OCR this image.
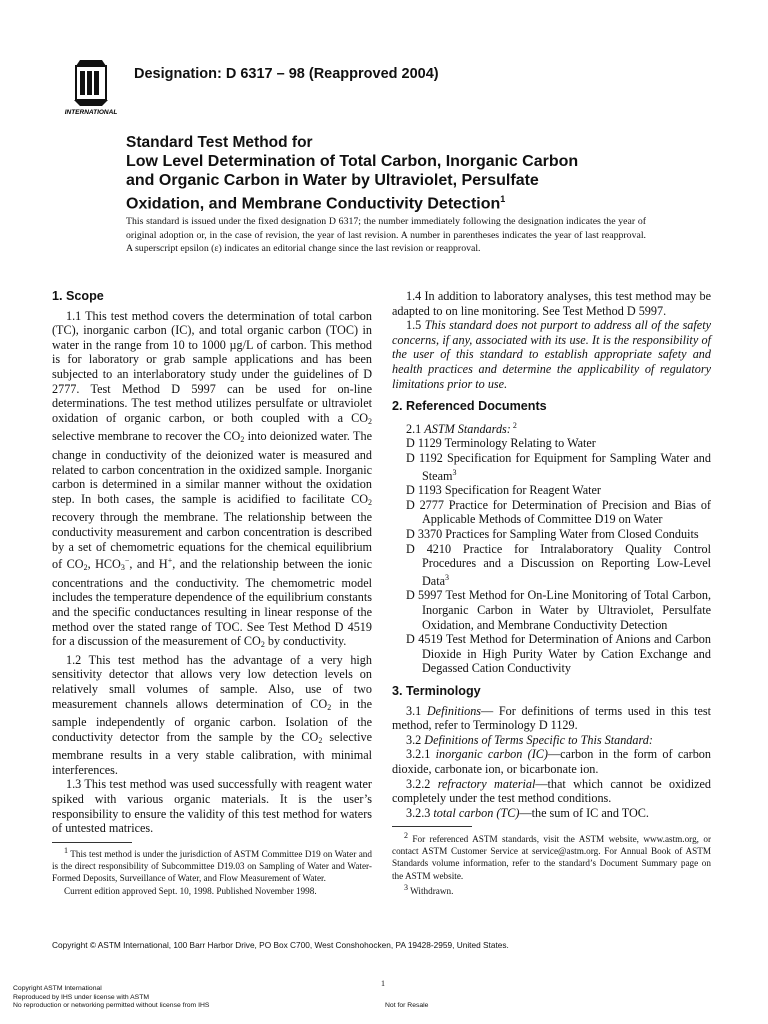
INTERNATIONAL
Designation: D 6317 – 98 (Reapproved 2004)
Standard Test Method for
Low Level Determination of Total Carbon, Inorganic Carbon
and Organic Carbon in Water by Ultraviolet, Persulfate
Oxidation, and Membrane Conductivity Detection$^1$
This standard is issued under the fixed designation D 6317; the number immediately following the designation indicates the year of original adoption or, in the case of revision, the year of last revision. A number in parentheses indicates the year of last reapproval. A superscript epsilon (ε) indicates an editorial change since the last revision or reapproval.
1. Scope

1.1 This test method covers the determination of total carbon (TC), inorganic carbon (IC), and total organic carbon (TOC) in water in the range from 10 to 1000 µg/L of carbon. This method is for laboratory or grab sample applications and has been subjected to an interlaboratory study under the guidelines of D 2777. Test Method D 5997 can be used for on-line determinations. The test method utilizes persulfate or ultraviolet oxidation of organic carbon, or both coupled with a $CO_2$ selective membrane to recover the $CO_2$ into deionized water. The change in conductivity of the deionized water is measured and related to carbon concentration in the oxidized sample. Inorganic carbon is determined in a similar manner without the oxidation step. In both cases, the sample is acidified to facilitate $CO_2$ recovery through the membrane. The relationship between the conductivity measurement and carbon concentration is described by a set of chemometric equations for the chemical equilibrium of $CO_2$, $HCO_3^-$, and H+, and the relationship between the ionic concentrations and the conductivity. The chemometric model includes the temperature dependence of the equilibrium constants and the specific conductances resulting in linear response of the method over the stated range of TOC. See Test Method D 4519 for a discussion of the measurement of $CO_2$ by conductivity.

1.2 This test method has the advantage of a very high sensitivity detector that allows very low detection levels on relatively small volumes of sample. Also, use of two measurement channels allows determination of $CO_2$ in the sample independently of organic carbon. Isolation of the conductivity detector from the sample by the $CO_2$ selective membrane results in a very stable calibration, with minimal interferences.

1.3 This test method was used successfully with reagent water spiked with various organic materials. It is the user’s responsibility to ensure the validity of this test method for waters of untested matrices.

1.4 In addition to laboratory analyses, this test method may be adapted to on line monitoring. See Test Method D 5997.

1.5 This standard does not purport to address all of the safety concerns, if any, associated with its use. It is the responsibility of the user of this standard to establish appropriate safety and health practices and determine the applicability of regulatory limitations prior to use.

2. Referenced Documents

2.1 ASTM Standards: $^2$

D 1129 Terminology Relating to Water
D 1192 Specification for Equipment for Sampling Water and Steam$^3$
D 1193 Specification for Reagent Water
D 2777 Practice for Determination of Precision and Bias of Applicable Methods of Committee D19 on Water
D 3370 Practices for Sampling Water from Closed Conduits
D 4210 Practice for Intralaboratory Quality Control Procedures and a Discussion on Reporting Low-Level Data$^3$
D 5997 Test Method for On-Line Monitoring of Total Carbon, Inorganic Carbon in Water by Ultraviolet, Persulfate Oxidation, and Membrane Conductivity Detection
D 4519 Test Method for Determination of Anions and Carbon Dioxide in High Purity Water by Cation Exchange and Degassed Cation Conductivity
3. Terminology

3.1 Definitions— For definitions of terms used in this test method, refer to Terminology D 1129.

3.2 Definitions of Terms Specific to This Standard:

3.2.1 inorganic carbon (IC)—carbon in the form of carbon dioxide, carbonate ion, or bicarbonate ion.

3.2.2 refractory material—that which cannot be oxidized completely under the test method conditions.

3.2.3 total carbon (TC)—the sum of IC and TOC.

$^1$ This test method is under the jurisdiction of ASTM Committee D19 on Water and is the direct responsibility of Subcommittee D19.03 on Sampling of Water and Water-Formed Deposits, Surveillance of Water, and Flow Measurement of Water.

Current edition approved Sept. 10, 1998. Published November 1998.

$^2$ For referenced ASTM standards, visit the ASTM website, www.astm.org, or contact ASTM Customer Service at service@astm.org. For Annual Book of ASTM Standards volume information, refer to the standard’s Document Summary page on the ASTM website.

$^3$ Withdrawn.

Copyright © ASTM International, 100 Barr Harbor Drive, PO Box C700, West Conshohocken, PA 19428-2959, United States.
1
Copyright ASTM International
Reproduced by IHS under license with ASTM
No reproduction or networking permitted without license from IHS	Not for Resale
